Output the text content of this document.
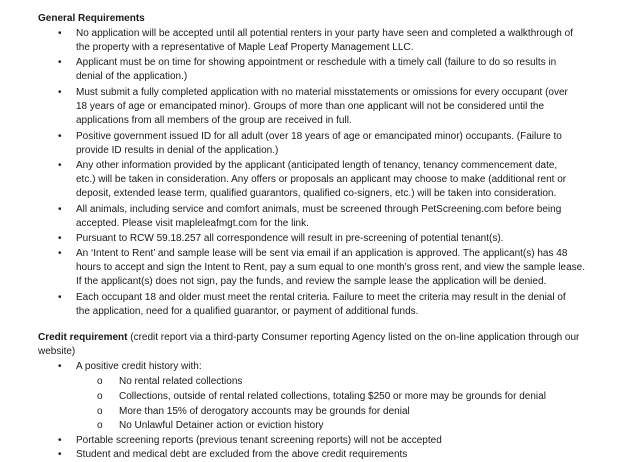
General Requirements
•	No application will be accepted until all potential renters in your party have seen and completed a walkthrough of
the property with a representative of Maple Leaf Property Management LLC.
•	Applicant must be on time for showing appointment or reschedule with a timely call (failure to do so results in
denial of the application.)
•	Must submit a fully completed application with no material misstatements or omissions for every occupant (over
18 years of age or emancipated minor). Groups of more than one applicant will not be considered until the
applications from all members of the group are received in full.
•	Positive government issued ID for all adult (over 18 years of age or emancipated minor) occupants. (Failure to
provide ID results in denial of the application.)
•	Any other information provided by the applicant (anticipated length of tenancy, tenancy commencement date,
etc.) will be taken in consideration. Any offers or proposals an applicant may choose to make (additional rent or
deposit, extended lease term, qualified guarantors, qualified co-signers, etc.) will be taken into consideration.
•	All animals, including service and comfort animals, must be screened through PetScreening.com before being
accepted. Please visit mapleleafmgt.com for the link.
•	Pursuant to RCW 59.18.257 all correspondence will result in pre-screening of potential tenant(s).
•	An ‘Intent to Rent’ and sample lease will be sent via email if an application is approved. The applicant(s) has 48
hours to accept and sign the Intent to Rent, pay a sum equal to one month’s gross rent, and view the sample lease.
If the applicant(s) does not sign, pay the funds, and review the sample lease the application will be denied.
•	Each occupant 18 and older must meet the rental criteria. Failure to meet the criteria may result in the denial of
the application, need for a qualified guarantor, or payment of additional funds.
Credit requirement (credit report via a third-party Consumer reporting Agency listed on the on-line application through our
website)
•	A positive credit history with:
o No rental related collections
o Collections, outside of rental related collections, totaling $250 or more may be grounds for denial
o More than 15% of derogatory accounts may be grounds for denial
o No Unlawful Detainer action or eviction history
•	Portable screening reports (previous tenant screening reports) will not be accepted
•	Student and medical debt are excluded from the above credit requirements
